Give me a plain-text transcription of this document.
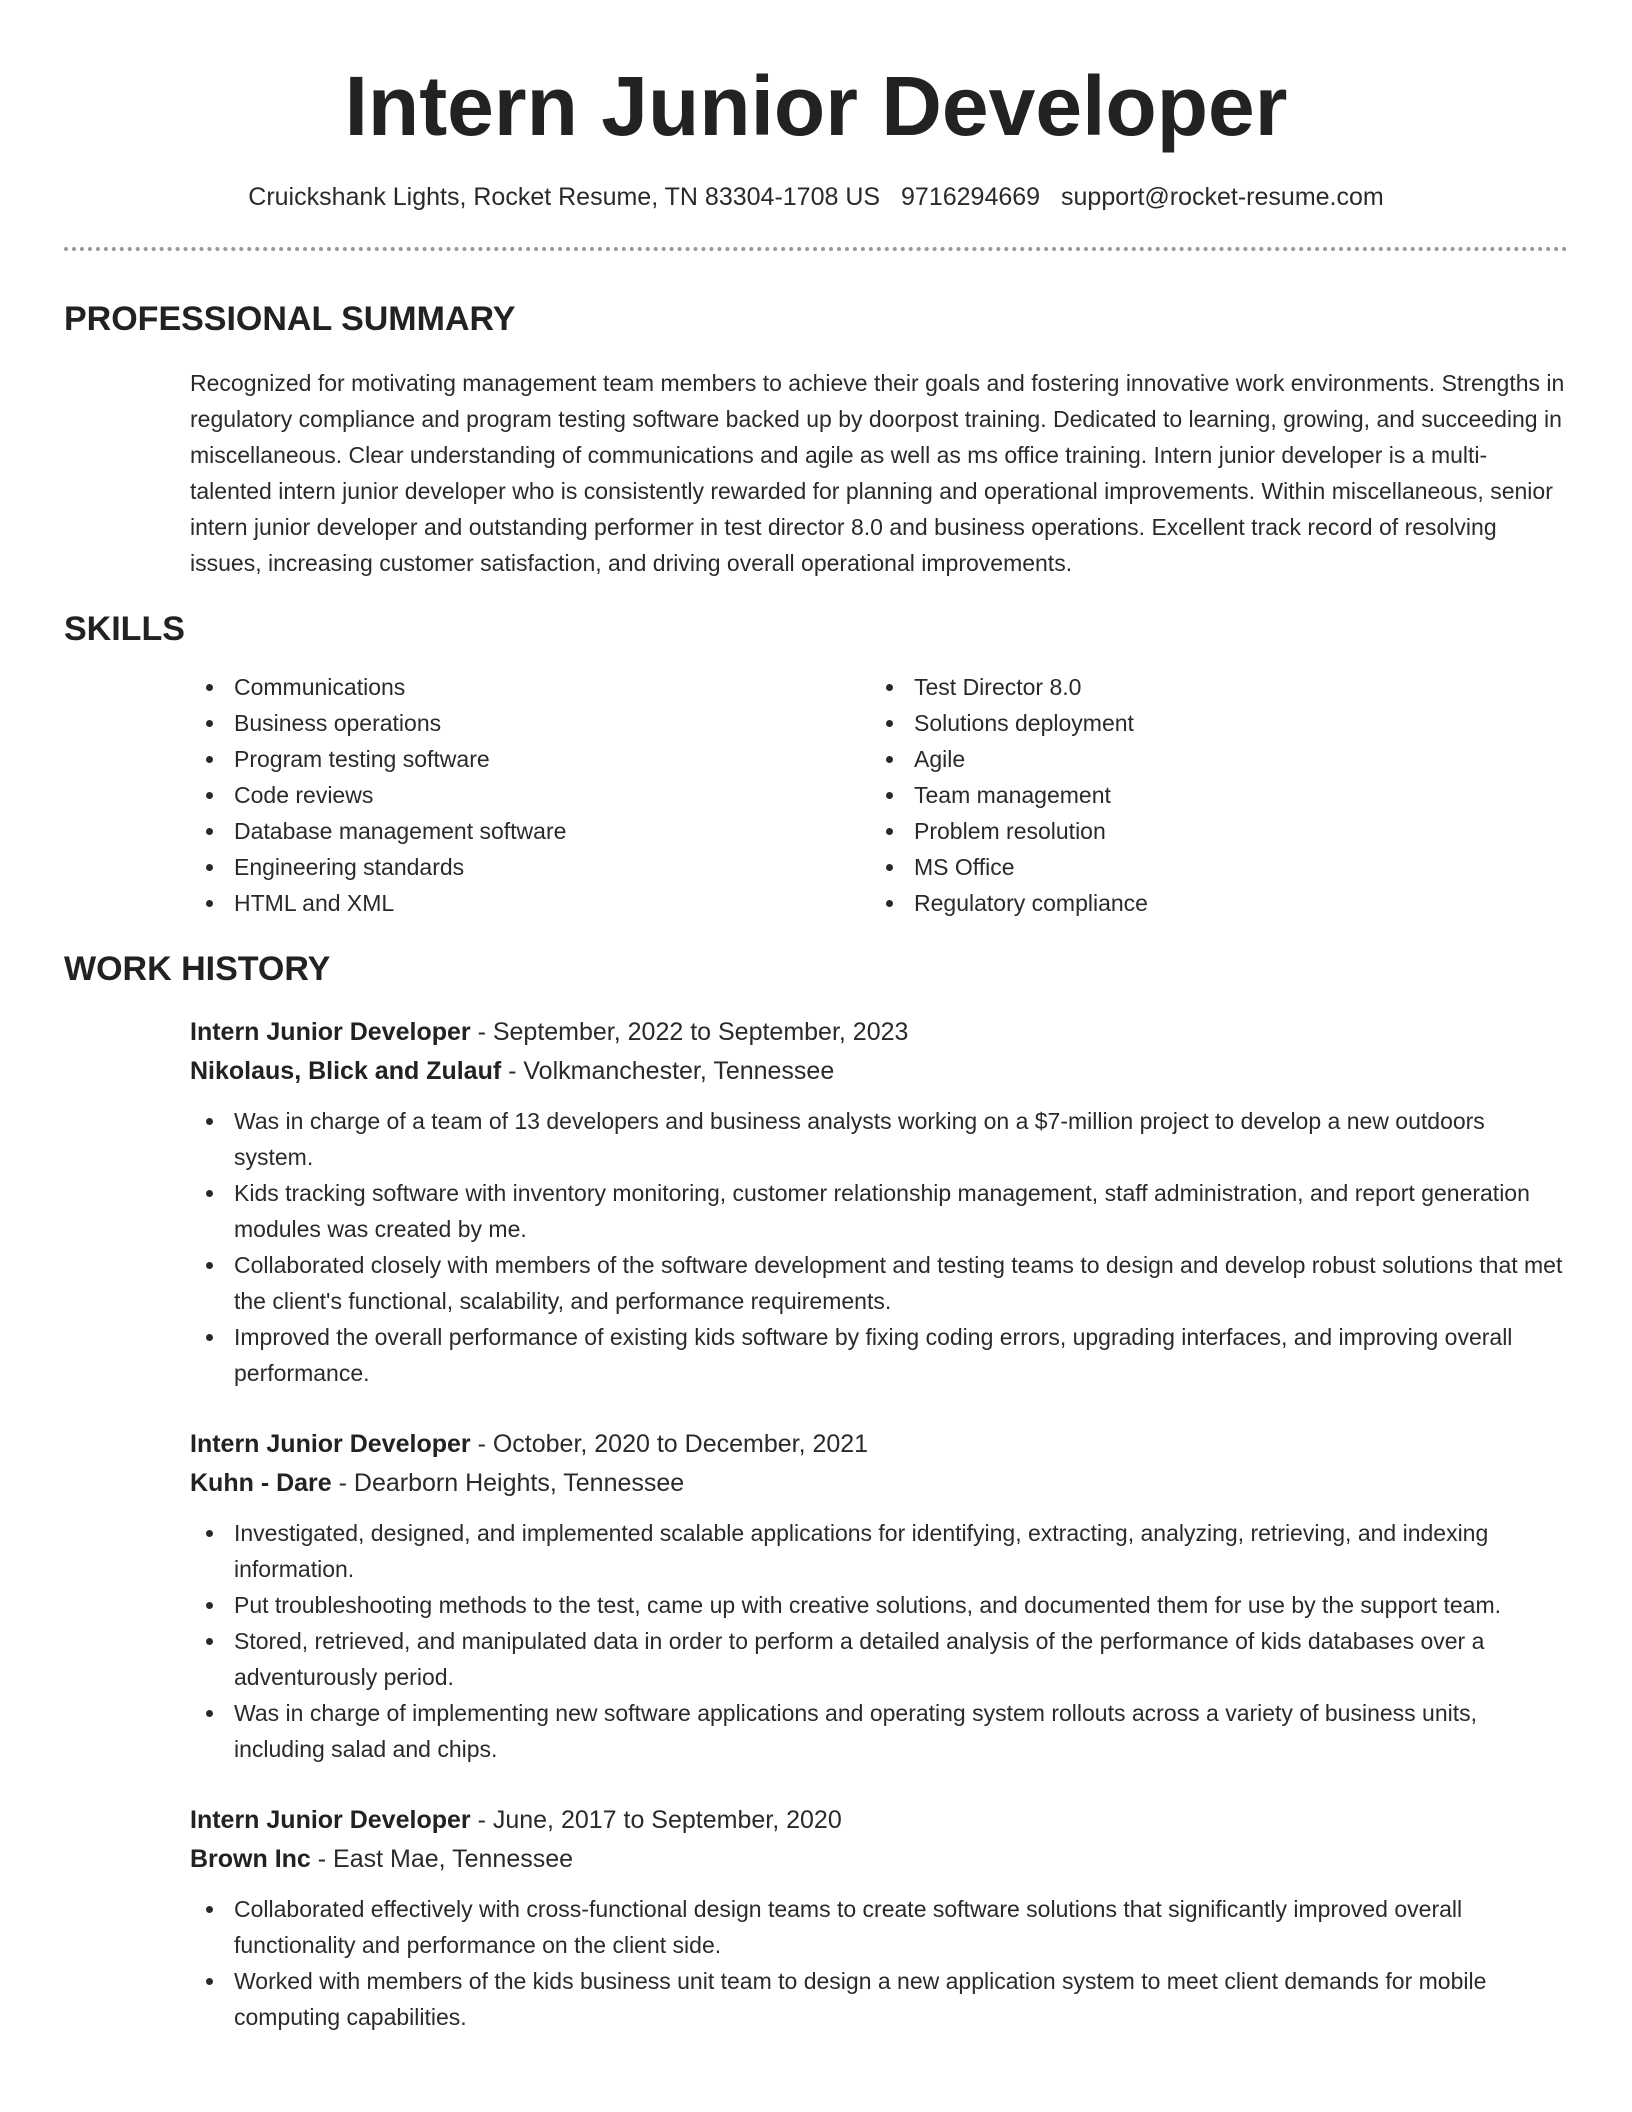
Intern Junior Developer
Cruickshank Lights, Rocket Resume, TN 83304-1708 US 9716294669 support@rocket-resume.com
PROFESSIONAL SUMMARY

Recognized for motivating management team members to achieve their goals and fostering innovative work environments. Strengths in regulatory compliance and program testing software backed up by doorpost training. Dedicated to learning, growing, and succeeding in miscellaneous. Clear understanding of communications and agile as well as ms office training. Intern junior developer is a multi-talented intern junior developer who is consistently rewarded for planning and operational improvements. Within miscellaneous, senior intern junior developer and outstanding performer in test director 8.0 and business operations. Excellent track record of resolving issues, increasing customer satisfaction, and driving overall operational improvements.

SKILLS
Communications
Business operations
Program testing software
Code reviews
Database management software
Engineering standards
HTML and XML
Test Director 8.0
Solutions deployment
Agile
Team management
Problem resolution
MS Office
Regulatory compliance
WORK HISTORY
Intern Junior Developer - September, 2022 to September, 2023
Nikolaus, Blick and Zulauf - Volkmanchester, Tennessee
Was in charge of a team of 13 developers and business analysts working on a $7-million project to develop a new outdoors system.
Kids tracking software with inventory monitoring, customer relationship management, staff administration, and report generation modules was created by me.
Collaborated closely with members of the software development and testing teams to design and develop robust solutions that met the client's functional, scalability, and performance requirements.
Improved the overall performance of existing kids software by fixing coding errors, upgrading interfaces, and improving overall performance.
Intern Junior Developer - October, 2020 to December, 2021
Kuhn - Dare - Dearborn Heights, Tennessee
Investigated, designed, and implemented scalable applications for identifying, extracting, analyzing, retrieving, and indexing information.
Put troubleshooting methods to the test, came up with creative solutions, and documented them for use by the support team.
Stored, retrieved, and manipulated data in order to perform a detailed analysis of the performance of kids databases over a adventurously period.
Was in charge of implementing new software applications and operating system rollouts across a variety of business units, including salad and chips.
Intern Junior Developer - June, 2017 to September, 2020
Brown Inc - East Mae, Tennessee
Collaborated effectively with cross-functional design teams to create software solutions that significantly improved overall functionality and performance on the client side.
Worked with members of the kids business unit team to design a new application system to meet client demands for mobile computing capabilities.
